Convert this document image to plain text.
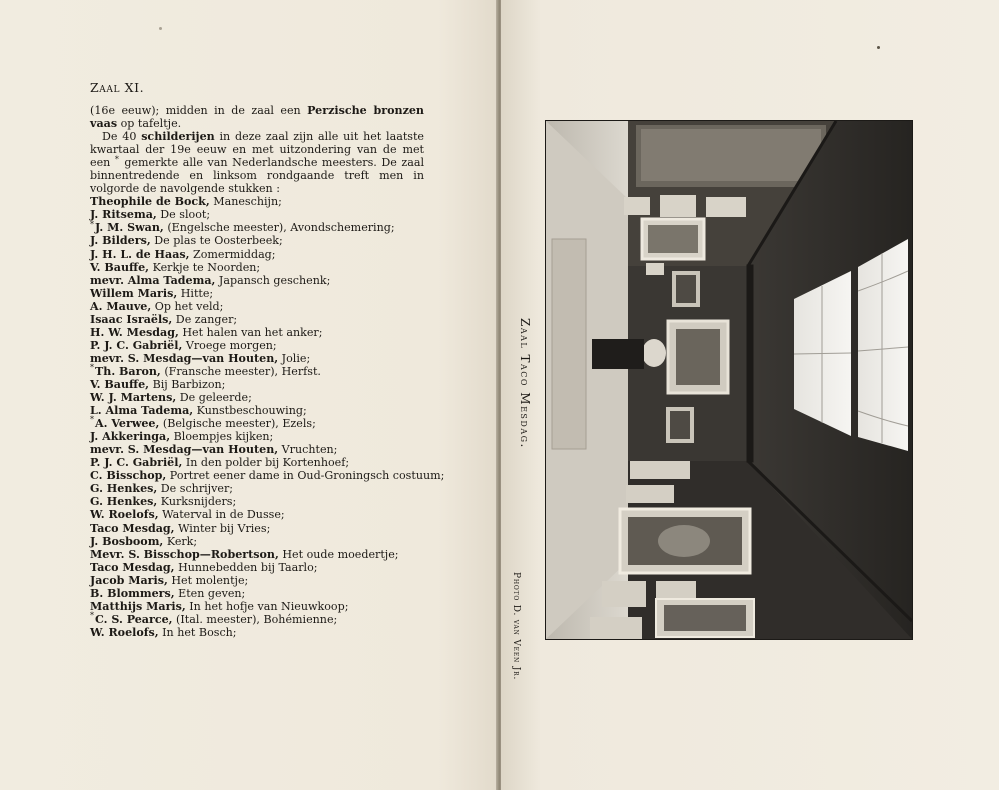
Zaal XI.

(16e eeuw); midden in de zaal een Perzische bronzen vaas op tafeltje.

De 40 schilderijen in deze zaal zijn alle uit het laatste kwartaal der 19e eeuw en met uitzondering van de met een * gemerkte alle van Nederlandsche meesters. De zaal binnentredende en linksom rondgaande treft men in volgorde de navolgende stukken :

Theophile de Bock, Maneschijn;
J. Ritsema, De sloot;
*J. M. Swan, (Engelsche meester), Avondschemering;
J. Bilders, De plas te Oosterbeek;
J. H. L. de Haas, Zomermiddag;
V. Bauffe, Kerkje te Noorden;
mevr. Alma Tadema, Japansch geschenk;
Willem Maris, Hitte;
A. Mauve, Op het veld;
Isaac Israëls, De zanger;
H. W. Mesdag, Het halen van het anker;
P. J. C. Gabriël, Vroege morgen;
mevr. S. Mesdag—van Houten, Jolie;
*Th. Baron, (Fransche meester), Herfst.
V. Bauffe, Bij Barbizon;
W. J. Martens, De geleerde;
L. Alma Tadema, Kunstbeschouwing;
*A. Verwee, (Belgische meester), Ezels;
J. Akkeringa, Bloempjes kijken;
mevr. S. Mesdag—van Houten, Vruchten;
P. J. C. Gabriël, In den polder bij Kortenhoef;
C. Bisschop, Portret eener dame in Oud-Groningsch costuum;
G. Henkes, De schrijver;
G. Henkes, Kurksnijders;
W. Roelofs, Waterval in de Dusse;
Taco Mesdag, Winter bij Vries;
J. Bosboom, Kerk;
Mevr. S. Bisschop—Robertson, Het oude moedertje;
Taco Mesdag, Hunnebedden bij Taarlo;
Jacob Maris, Het molentje;
B. Blommers, Eten geven;
Matthijs Maris, In het hofje van Nieuwkoop;
*C. S. Pearce, (Ital. meester), Bohémienne;
W. Roelofs, In het Bosch;
Zaal Taco Mesdag.
Photo D. van Veen Jr.
